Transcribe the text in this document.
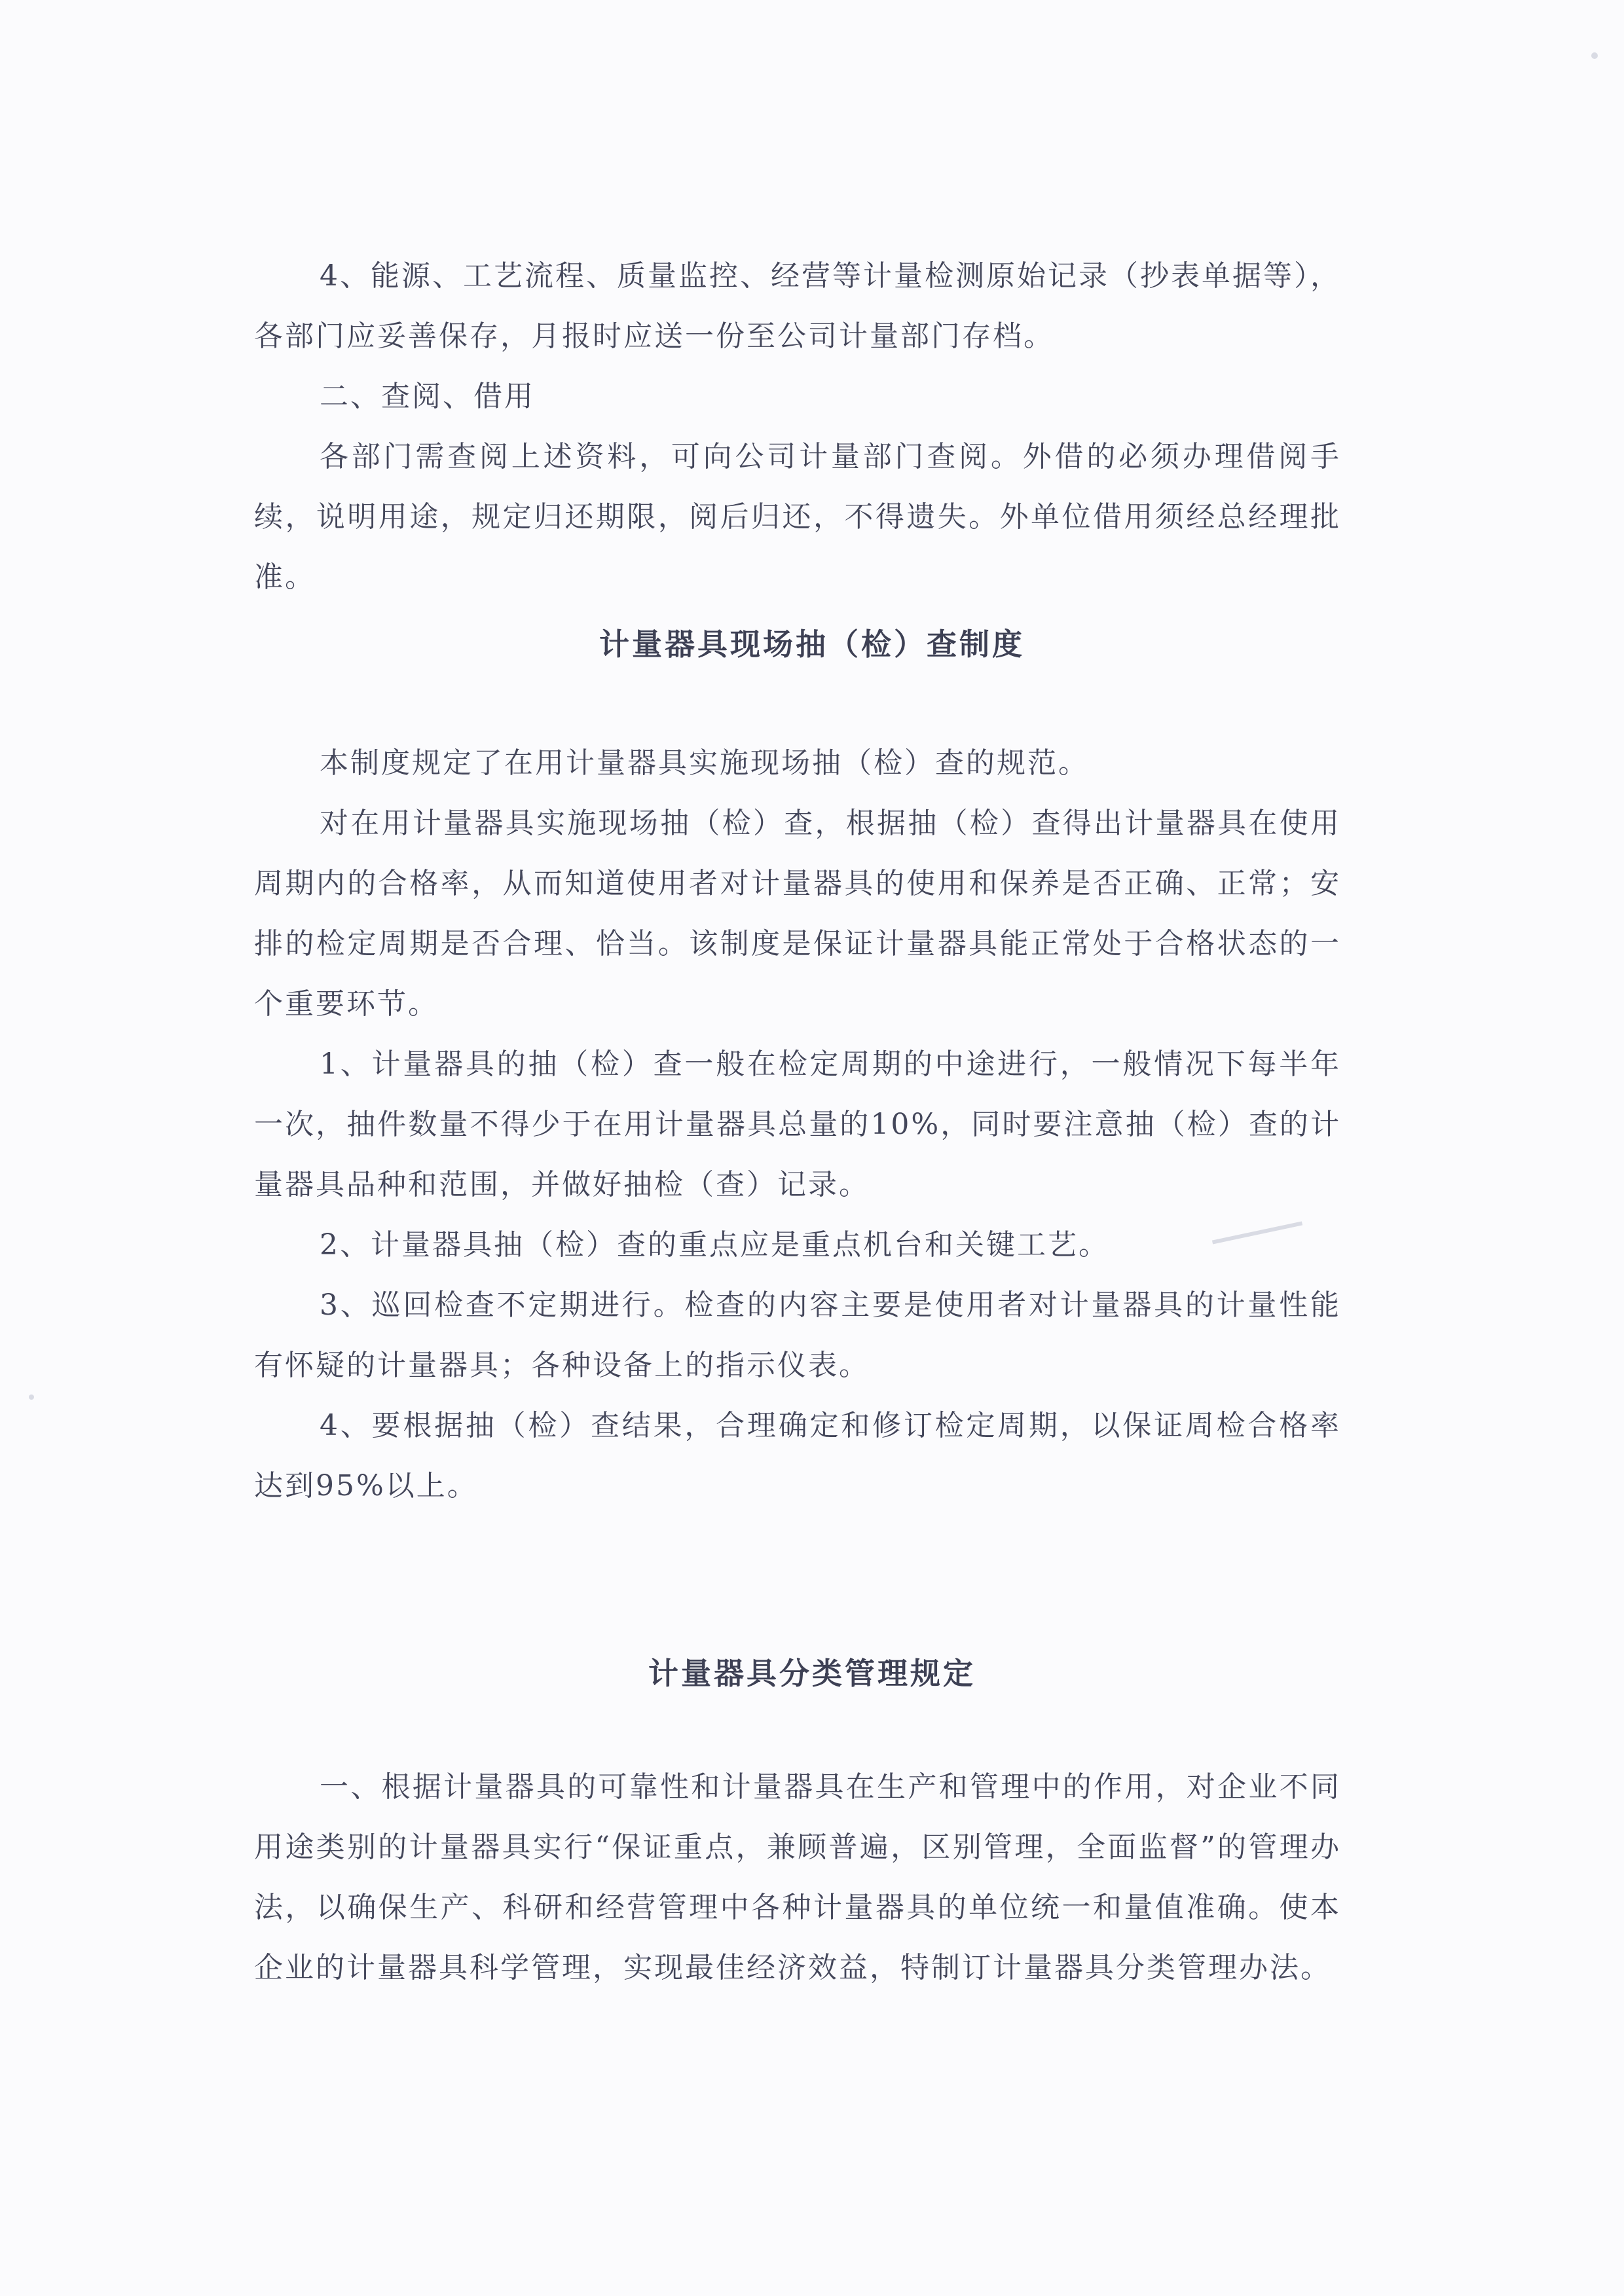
4、能源、工艺流程、质量监控、经营等计量检测原始记录（抄表单据等），各部门应妥善保存，月报时应送一份至公司计量部门存档。

二、查阅、借用

各部门需查阅上述资料，可向公司计量部门查阅。外借的必须办理借阅手续，说明用途，规定归还期限，阅后归还，不得遗失。外单位借用须经总经理批准。

计量器具现场抽（检）查制度

本制度规定了在用计量器具实施现场抽（检）查的规范。

对在用计量器具实施现场抽（检）查，根据抽（检）查得出计量器具在使用周期内的合格率，从而知道使用者对计量器具的使用和保养是否正确、正常；安排的检定周期是否合理、恰当。该制度是保证计量器具能正常处于合格状态的一个重要环节。

1、计量器具的抽（检）查一般在检定周期的中途进行，一般情况下每半年一次，抽件数量不得少于在用计量器具总量的10%，同时要注意抽（检）查的计量器具品种和范围，并做好抽检（查）记录。

2、计量器具抽（检）查的重点应是重点机台和关键工艺。

3、巡回检查不定期进行。检查的内容主要是使用者对计量器具的计量性能有怀疑的计量器具；各种设备上的指示仪表。

4、要根据抽（检）查结果，合理确定和修订检定周期，以保证周检合格率达到95%以上。

计量器具分类管理规定

一、根据计量器具的可靠性和计量器具在生产和管理中的作用，对企业不同用途类别的计量器具实行“保证重点，兼顾普遍，区别管理，全面监督”的管理办法，以确保生产、科研和经营管理中各种计量器具的单位统一和量值准确。使本企业的计量器具科学管理，实现最佳经济效益，特制订计量器具分类管理办法。
